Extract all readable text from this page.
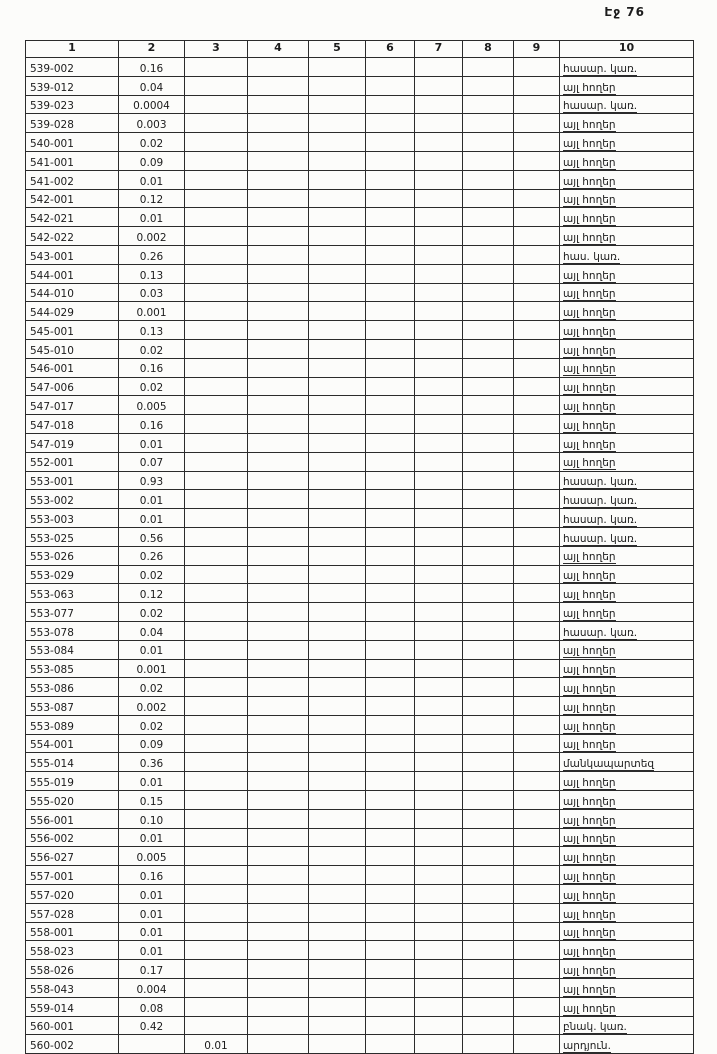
Էջ 76
1	2	3	4	5	6	7	8	9	10
539-002	0.16								հասար. կառ.
539-012	0.04								այլ հողեր
539-023	0.0004								հասար. կառ.
539-028	0.003								այլ հողեր
540-001	0.02								այլ հողեր
541-001	0.09								այլ հողեր
541-002	0.01								այլ հողեր
542-001	0.12								այլ հողեր
542-021	0.01								այլ հողեր
542-022	0.002								այլ հողեր
543-001	0.26								հաս. կառ.
544-001	0.13								այլ հողեր
544-010	0.03								այլ հողեր
544-029	0.001								այլ հողեր
545-001	0.13								այլ հողեր
545-010	0.02								այլ հողեր
546-001	0.16								այլ հողեր
547-006	0.02								այլ հողեր
547-017	0.005								այլ հողեր
547-018	0.16								այլ հողեր
547-019	0.01								այլ հողեր
552-001	0.07								այլ հողեր
553-001	0.93								հասար. կառ.
553-002	0.01								հասար. կառ.
553-003	0.01								հասար. կառ.
553-025	0.56								հասար. կառ.
553-026	0.26								այլ հողեր
553-029	0.02								այլ հողեր
553-063	0.12								այլ հողեր
553-077	0.02								այլ հողեր
553-078	0.04								հասար. կառ.
553-084	0.01								այլ հողեր
553-085	0.001								այլ հողեր
553-086	0.02								այլ հողեր
553-087	0.002								այլ հողեր
553-089	0.02								այլ հողեր
554-001	0.09								այլ հողեր
555-014	0.36								մանկապարտեզ
555-019	0.01								այլ հողեր
555-020	0.15								այլ հողեր
556-001	0.10								այլ հողեր
556-002	0.01								այլ հողեր
556-027	0.005								այլ հողեր
557-001	0.16								այլ հողեր
557-020	0.01								այլ հողեր
557-028	0.01								այլ հողեր
558-001	0.01								այլ հողեր
558-023	0.01								այլ հողեր
558-026	0.17								այլ հողեր
558-043	0.004								այլ հողեր
559-014	0.08								այլ հողեր
560-001	0.42								բնակ. կառ.
560-002		0.01							արդյուն.
